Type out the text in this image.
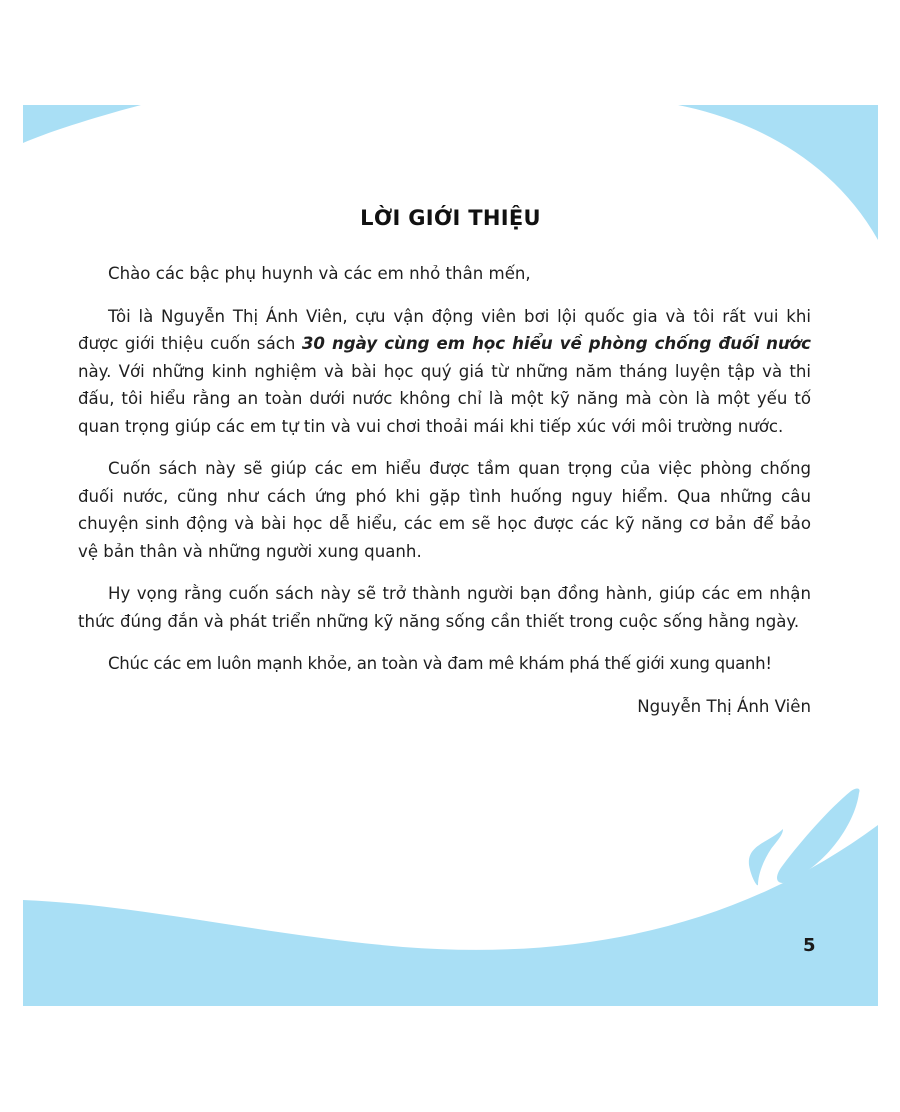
LỜI GIỚI THIỆU

Chào các bậc phụ huynh và các em nhỏ thân mến,

Tôi là Nguyễn Thị Ánh Viên, cựu vận động viên bơi lội quốc gia và tôi rất vui khi được giới thiệu cuốn sách 30 ngày cùng em học hiểu về phòng chống đuối nước này. Với những kinh nghiệm và bài học quý giá từ những năm tháng luyện tập và thi đấu, tôi hiểu rằng an toàn dưới nước không chỉ là một kỹ năng mà còn là một yếu tố quan trọng giúp các em tự tin và vui chơi thoải mái khi tiếp xúc với môi trường nước.

Cuốn sách này sẽ giúp các em hiểu được tầm quan trọng của việc phòng chống đuối nước, cũng như cách ứng phó khi gặp tình huống nguy hiểm. Qua những câu chuyện sinh động và bài học dễ hiểu, các em sẽ học được các kỹ năng cơ bản để bảo vệ bản thân và những người xung quanh.

Hy vọng rằng cuốn sách này sẽ trở thành người bạn đồng hành, giúp các em nhận thức đúng đắn và phát triển những kỹ năng sống cần thiết trong cuộc sống hằng ngày.

Chúc các em luôn mạnh khỏe, an toàn và đam mê khám phá thế giới xung quanh!

Nguyễn Thị Ánh Viên

5
